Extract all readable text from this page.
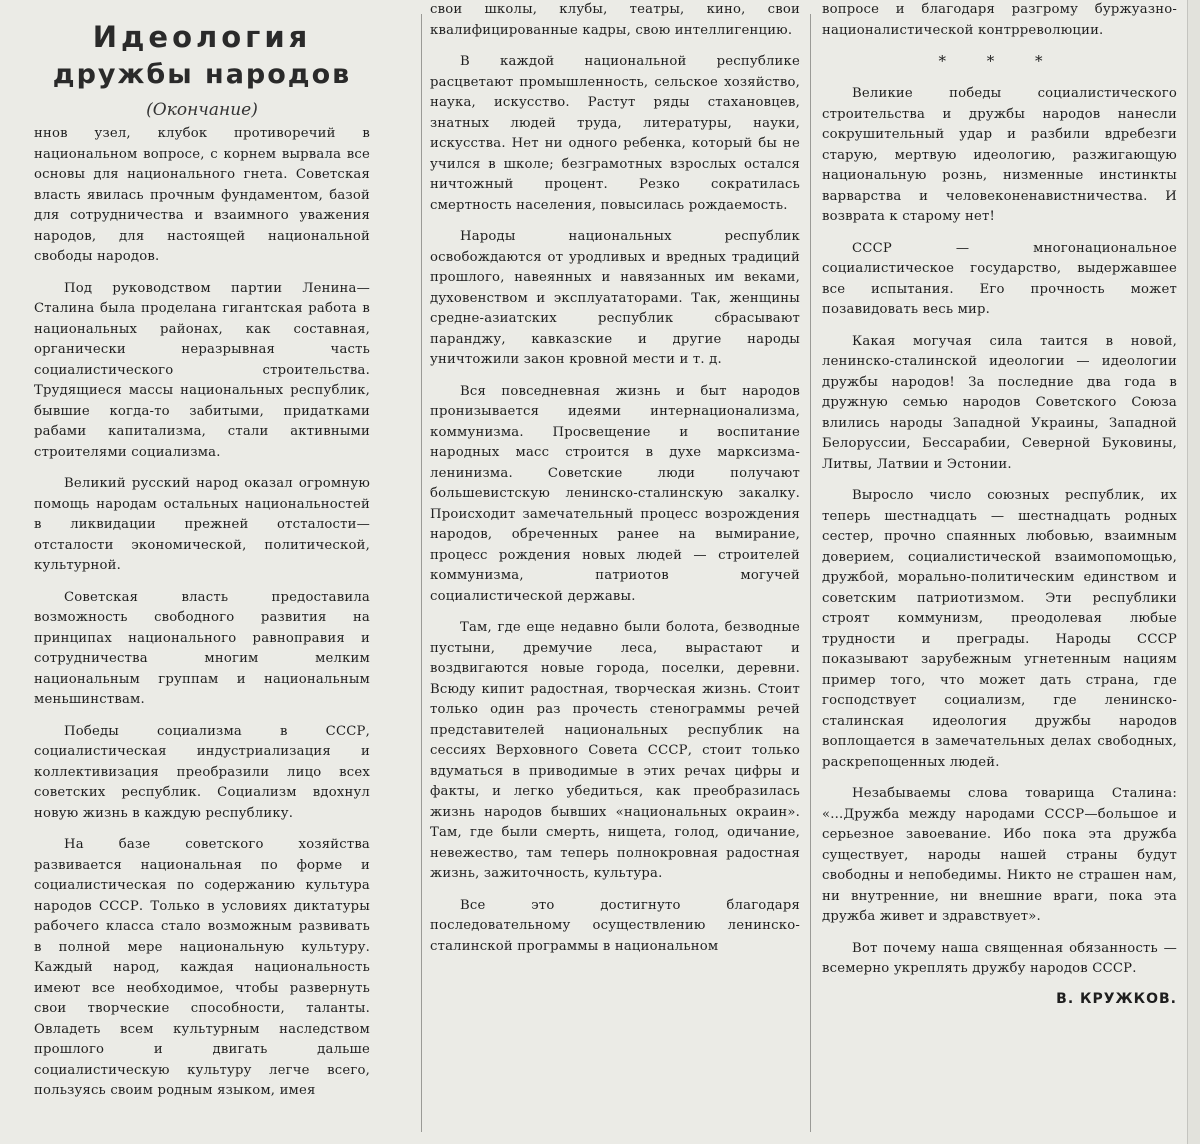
Идеология
дружбы народов
(Окончание)

ннов узел, клубок противоречий в национальном вопросе, с корнем вырвала все основы для национального гнета. Советская власть явилась прочным фундаментом, базой для сотрудничества и взаимного уважения народов, для настоящей национальной свободы народов.

Под руководством партии Ленина—Сталина была проделана гигантская работа в национальных районах, как составная, органически неразрывная часть социалистического строительства. Трудящиеся массы национальных республик, бывшие когда-то забитыми, придатками рабами капитализма, стали активными строителями социализма.

Великий русский народ оказал огромную помощь народам остальных национальностей в ликвидации прежней отсталости—отсталости экономической, политической, культурной.

Советская власть предоставила возможность свободного развития на принципах национального равноправия и сотрудничества многим мелким национальным группам и национальным меньшинствам.

Победы социализма в СССР, социалистическая индустриализация и коллективизация преобразили лицо всех советских республик. Социализм вдохнул новую жизнь в каждую республику.

На базе советского хозяйства развивается национальная по форме и социалистическая по содержанию культура народов СССР. Только в условиях диктатуры рабочего класса стало возможным развивать в полной мере национальную культуру. Каждый народ, каждая национальность имеют все необходимое, чтобы развернуть свои творческие способности, таланты. Овладеть всем культурным наследством прошлого и двигать дальше социалистическую культуру легче всего, пользуясь своим родным языком, имея

свои школы, клубы, театры, кино, свои квалифицированные кадры, свою интеллигенцию.

В каждой национальной республике расцветают промышленность, сельское хозяйство, наука, искусство. Растут ряды стахановцев, знатных людей труда, литературы, науки, искусства. Нет ни одного ребенка, который бы не учился в школе; безграмотных взрослых остался ничтожный процент. Резко сократилась смертность населения, повысилась рождаемость.

Народы национальных республик освобождаются от уродливых и вредных традиций прошлого, навеянных и навязанных им веками, духовенством и эксплуататорами. Так, женщины средне-азиатских республик сбрасывают паранджу, кавказские и другие народы уничтожили закон кровной мести и т. д.

Вся повседневная жизнь и быт народов пронизывается идеями интернационализма, коммунизма. Просвещение и воспитание народных масс строится в духе марксизма-ленинизма. Советские люди получают большевистскую ленинско-сталинскую закалку. Происходит замечательный процесс возрождения народов, обреченных ранее на вымирание, процесс рождения новых людей — строителей коммунизма, патриотов могучей социалистической державы.

Там, где еще недавно были болота, безводные пустыни, дремучие леса, вырастают и воздвигаются новые города, поселки, деревни. Всюду кипит радостная, творческая жизнь. Стоит только один раз прочесть стенограммы речей представителей национальных республик на сессиях Верховного Совета СССР, стоит только вдуматься в приводимые в этих речах цифры и факты, и легко убедиться, как преобразилась жизнь народов бывших «национальных окраин». Там, где были смерть, нищета, голод, одичание, невежество, там теперь полнокровная радостная жизнь, зажиточность, культура.

Все это достигнуто благодаря последовательному осуществлению ленинско-сталинской программы в национальном

вопросе и благодаря разгрому буржуазно-националистической контрреволюции.

* * *

Великие победы социалистического строительства и дружбы народов нанесли сокрушительный удар и разбили вдребезги старую, мертвую идеологию, разжигающую национальную рознь, низменные инстинкты варварства и человеконенавистничества. И возврата к старому нет!

СССР — многонациональное социалистическое государство, выдержавшее все испытания. Его прочность может позавидовать весь мир.

Какая могучая сила таится в новой, ленинско-сталинской идеологии — идеологии дружбы народов! За последние два года в дружную семью народов Советского Союза влились народы Западной Украины, Западной Белоруссии, Бессарабии, Северной Буковины, Литвы, Латвии и Эстонии.

Выросло число союзных республик, их теперь шестнадцать — шестнадцать родных сестер, прочно спаянных любовью, взаимным доверием, социалистической взаимопомощью, дружбой, морально-политическим единством и советским патриотизмом. Эти республики строят коммунизм, преодолевая любые трудности и преграды. Народы СССР показывают зарубежным угнетенным нациям пример того, что может дать страна, где господствует социализм, где ленинско-сталинская идеология дружбы народов воплощается в замечательных делах свободных, раскрепощенных людей.

Незабываемы слова товарища Сталина: «...Дружба между народами СССР—большое и серьезное завоевание. Ибо пока эта дружба существует, народы нашей страны будут свободны и непобедимы. Никто не страшен нам, ни внутренние, ни внешние враги, пока эта дружба живет и здравствует».

Вот почему наша священная обязанность — всемерно укреплять дружбу народов СССР.

В. КРУЖКОВ.
